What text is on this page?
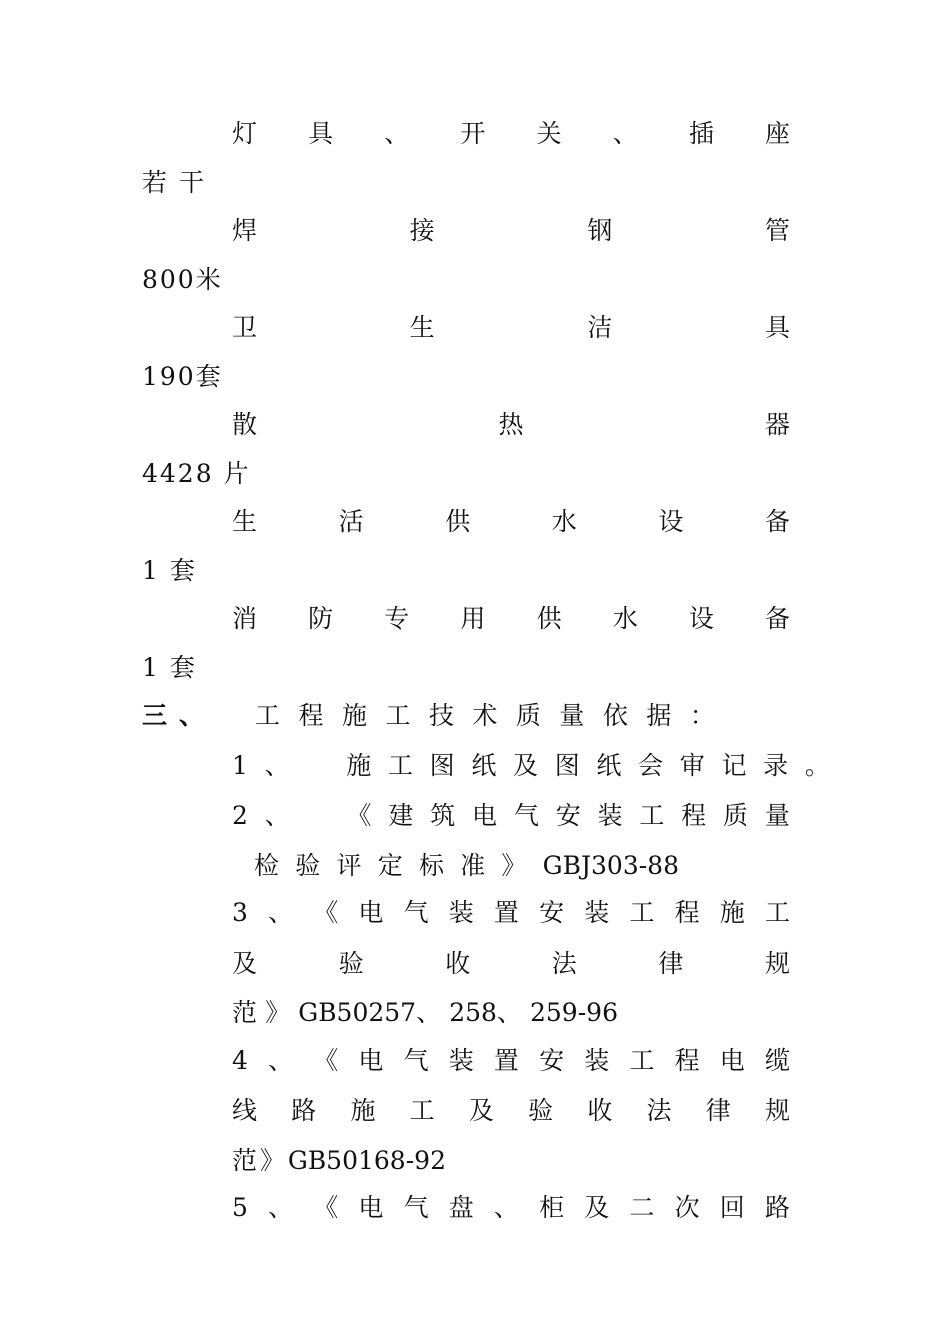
灯 具 、 开 关 、 插 座
若 干
焊	接	钢	管
800米
卫	生	洁	具
190套
散	热	器
4428 片
生	活	供	水	设	备
1 套
消 防 专 用 供 水 设 备
1 套
三 、 工 程 施 工 技 术 质 量 依 据 ：
1 、 施 工 图 纸 及 图 纸 会 审 记 录 。
2 、 《 建 筑 电 气 安 装 工 程 质 量
检 验 评 定 标 准 》 GBJ303-88
3 、 《 电 气 装 置 安 装 工 程 施 工
及	验	收	法	律	规
范 》 GB50257、 258、 259-96
4 、 《 电 气 装 置 安 装 工 程 电 缆
线 路 施 工 及 验 收 法 律 规
范 》 GB50168-92
5 、 《 电 气 盘 、 柜 及 二 次 回 路
